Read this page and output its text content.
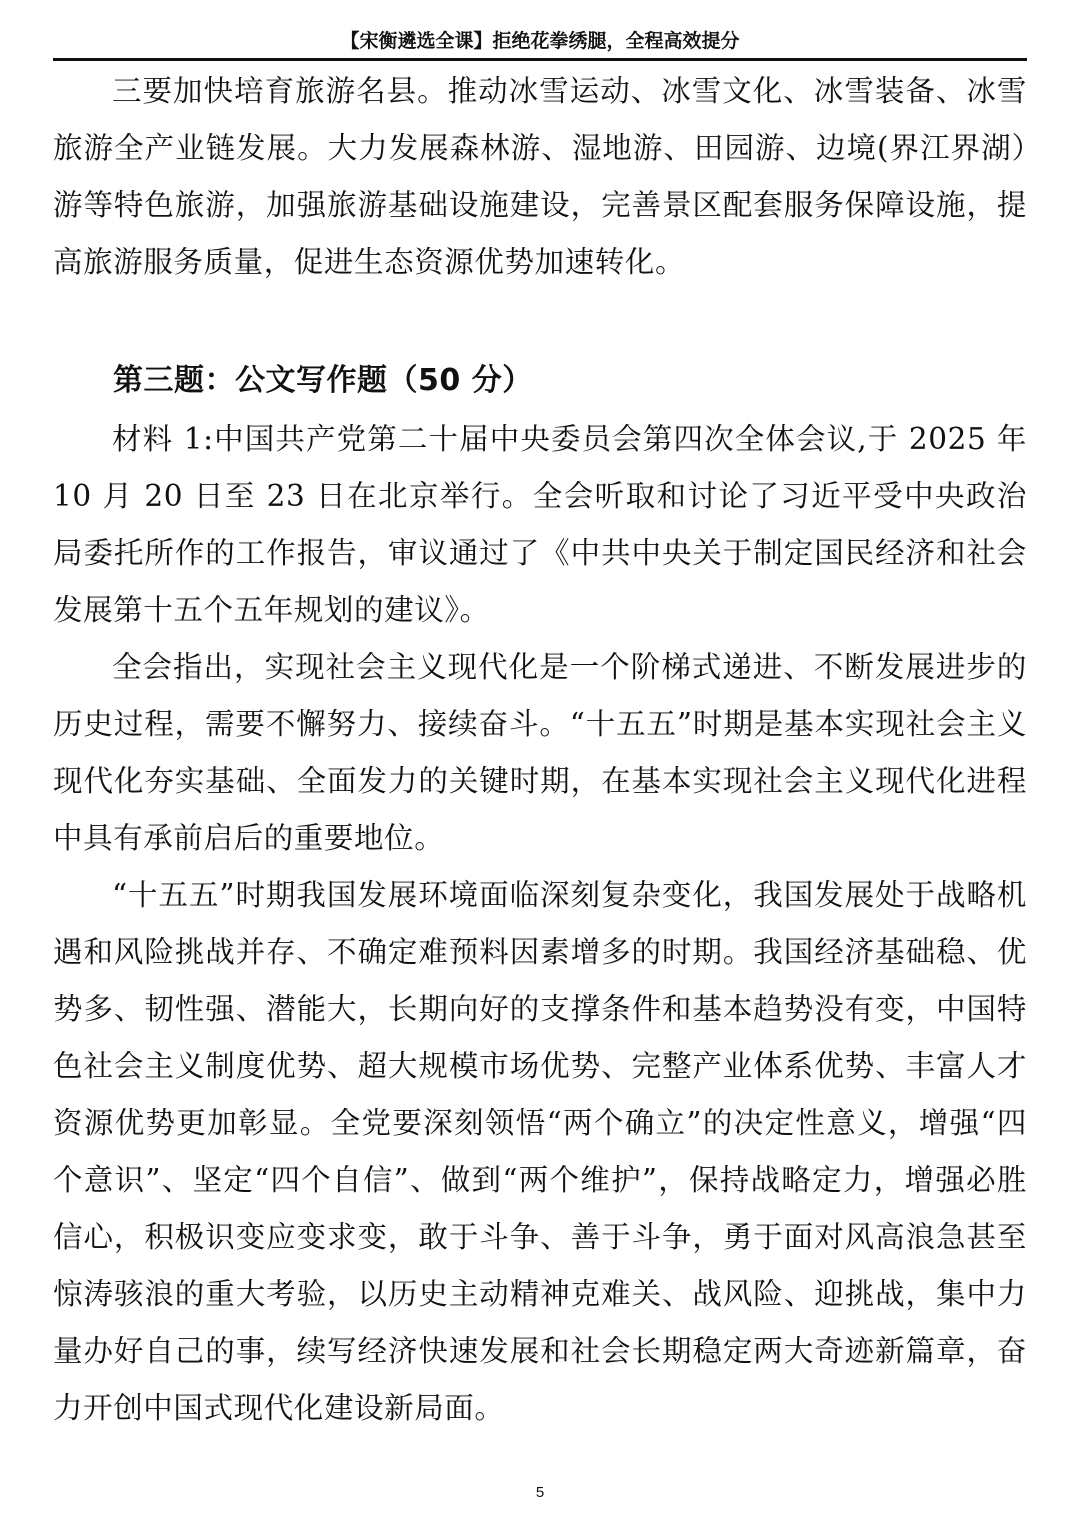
【宋衡遴选全课】拒绝花拳绣腿，全程高效提分

三要加快培育旅游名县。推动冰雪运动、冰雪文化、冰雪装备、冰雪旅游全产业链发展。大力发展森林游、湿地游、田园游、边境(界江界湖）游等特色旅游，加强旅游基础设施建设，完善景区配套服务保障设施，提高旅游服务质量，促进生态资源优势加速转化。

第三题：公文写作题（50 分）

材料 1:中国共产党第二十届中央委员会第四次全体会议,于 2025 年 10 月 20 日至 23 日在北京举行。全会听取和讨论了习近平受中央政治局委托所作的工作报告，审议通过了《中共中央关于制定国民经济和社会发展第十五个五年规划的建议》。

全会指出，实现社会主义现代化是一个阶梯式递进、不断发展进步的历史过程，需要不懈努力、接续奋斗。“十五五”时期是基本实现社会主义现代化夯实基础、全面发力的关键时期，在基本实现社会主义现代化进程中具有承前启后的重要地位。

“十五五”时期我国发展环境面临深刻复杂变化，我国发展处于战略机遇和风险挑战并存、不确定难预料因素增多的时期。我国经济基础稳、优势多、韧性强、潜能大，长期向好的支撑条件和基本趋势没有变，中国特色社会主义制度优势、超大规模市场优势、完整产业体系优势、丰富人才资源优势更加彰显。全党要深刻领悟“两个确立”的决定性意义，增强“四个意识”、坚定“四个自信”、做到“两个维护”，保持战略定力，增强必胜信心，积极识变应变求变，敢于斗争、善于斗争，勇于面对风高浪急甚至惊涛骇浪的重大考验，以历史主动精神克难关、战风险、迎挑战，集中力量办好自己的事，续写经济快速发展和社会长期稳定两大奇迹新篇章，奋力开创中国式现代化建设新局面。

5
